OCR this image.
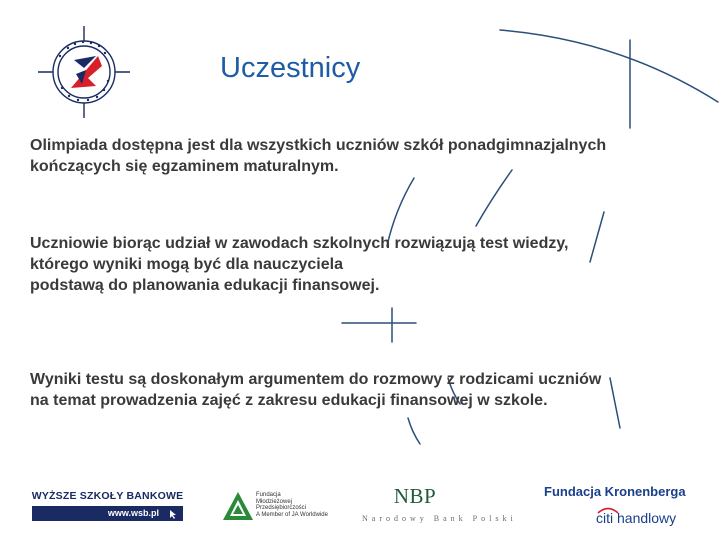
Uczestnicy
Olimpiada dostępna jest dla wszystkich uczniów szkół ponadgimnazjalnych
kończących się egzaminem maturalnym.
Uczniowie biorąc udział w zawodach szkolnych rozwiązują test wiedzy,
którego wyniki mogą być dla nauczyciela
podstawą do planowania edukacji finansowej.
Wyniki testu są doskonałym argumentem do rozmowy z rodzicami uczniów
na temat prowadzenia zajęć z zakresu edukacji finansowej w szkole.
WYŻSZE SZKOŁY BANKOWE
www.wsb.pl
Fundacja
Młodzieżowej
Przedsiębiorczości
A Member of JA Worldwide
NBP
Narodowy Bank Polski
Fundacja Kronenberga
citi handlowy
